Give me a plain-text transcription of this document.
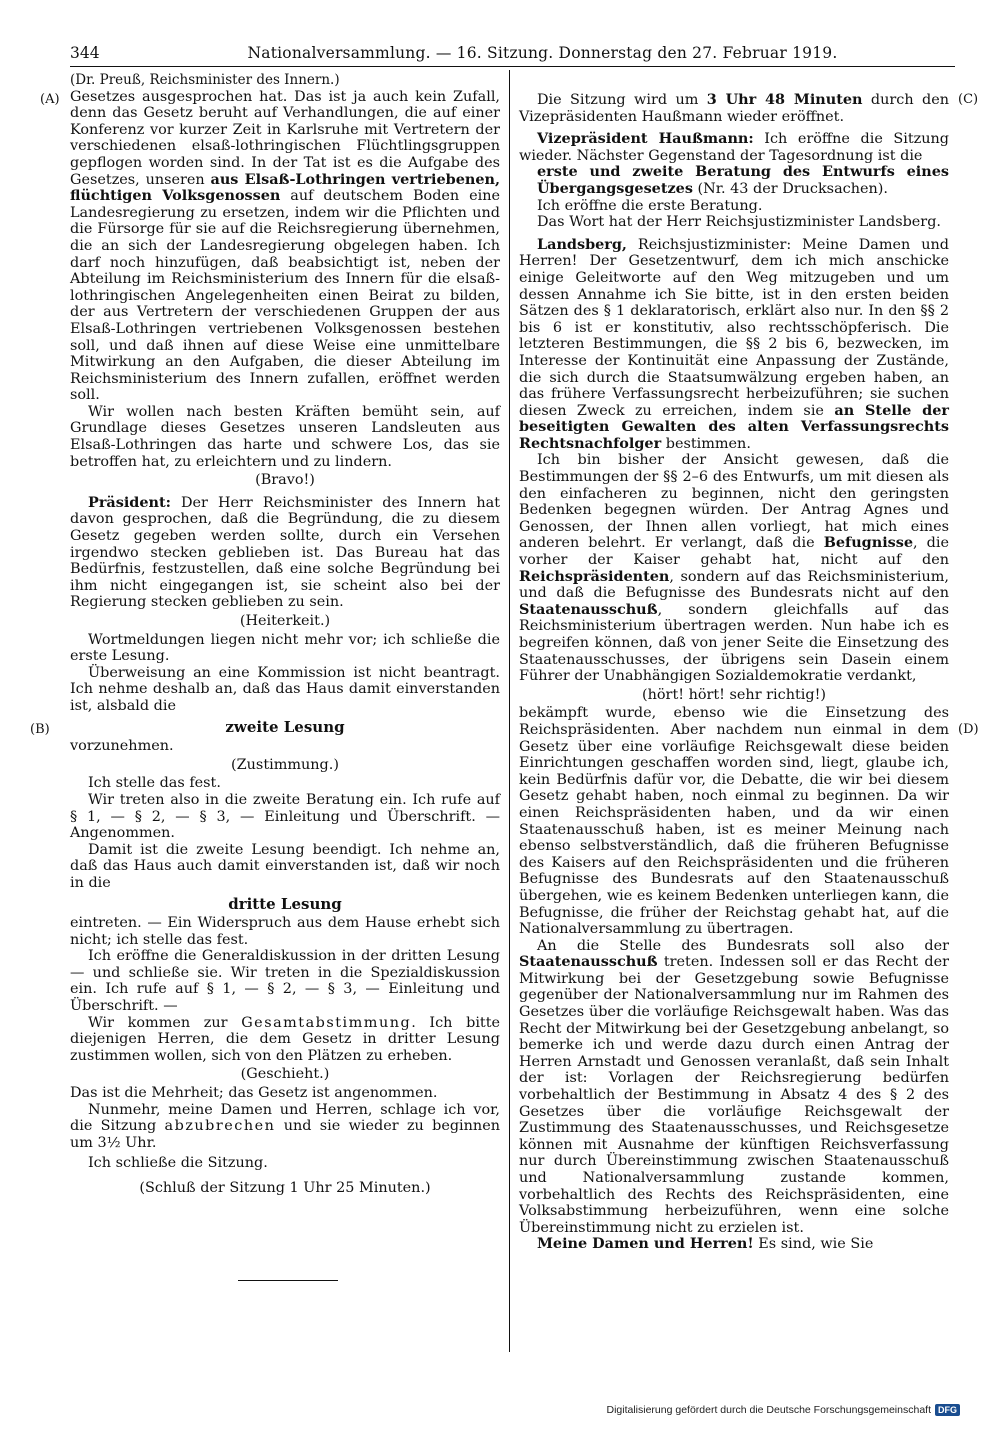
344	Nationalversammlung. — 16. Sitzung. Donnerstag den 27. Februar 1919.
(A)
(B)
(C)
(D)

(Dr. Preuß, Reichsminister des Innern.)

Gesetzes ausgesprochen hat. Das ist ja auch kein Zufall, denn das Gesetz beruht auf Verhandlungen, die auf einer Konferenz vor kurzer Zeit in Karlsruhe mit Vertretern der verschiedenen elsaß-lothringischen Flüchtlingsgruppen gepflogen worden sind. In der Tat ist es die Aufgabe des Gesetzes, unseren aus Elsaß-Lothringen vertriebenen, flüchtigen Volksgenossen auf deutschem Boden eine Landesregierung zu ersetzen, indem wir die Pflichten und die Fürsorge für sie auf die Reichsregierung übernehmen, die an sich der Landesregierung obgelegen haben. Ich darf noch hinzufügen, daß beabsichtigt ist, neben der Abteilung im Reichsministerium des Innern für die elsaß-lothringischen Angelegenheiten einen Beirat zu bilden, der aus Vertretern der verschiedenen Gruppen der aus Elsaß-Lothringen vertriebenen Volksgenossen bestehen soll, und daß ihnen auf diese Weise eine unmittelbare Mitwirkung an den Aufgaben, die dieser Abteilung im Reichsministerium des Innern zufallen, eröffnet werden soll.

Wir wollen nach besten Kräften bemüht sein, auf Grundlage dieses Gesetzes unseren Landsleuten aus Elsaß-Lothringen das harte und schwere Los, das sie betroffen hat, zu erleichtern und zu lindern.

(Bravo!)

Präsident: Der Herr Reichsminister des Innern hat davon gesprochen, daß die Begründung, die zu diesem Gesetz gegeben werden sollte, durch ein Versehen irgendwo stecken geblieben ist. Das Bureau hat das Bedürfnis, festzustellen, daß eine solche Begründung bei ihm nicht eingegangen ist, sie scheint also bei der Regierung stecken geblieben zu sein.

(Heiterkeit.)

Wortmeldungen liegen nicht mehr vor; ich schließe die erste Lesung.

Überweisung an eine Kommission ist nicht beantragt. Ich nehme deshalb an, daß das Haus damit einverstanden ist, alsbald die

zweite Lesung

vorzunehmen.

(Zustimmung.)

Ich stelle das fest.

Wir treten also in die zweite Beratung ein. Ich rufe auf § 1, — § 2, — § 3, — Einleitung und Überschrift. — Angenommen.

Damit ist die zweite Lesung beendigt. Ich nehme an, daß das Haus auch damit einverstanden ist, daß wir noch in die

dritte Lesung

eintreten. — Ein Widerspruch aus dem Hause erhebt sich nicht; ich stelle das fest.

Ich eröffne die Generaldiskussion in der dritten Lesung — und schließe sie. Wir treten in die Spezialdiskussion ein. Ich rufe auf § 1, — § 2, — § 3, — Einleitung und Überschrift. —

Wir kommen zur Gesamtabstimmung. Ich bitte diejenigen Herren, die dem Gesetz in dritter Lesung zustimmen wollen, sich von den Plätzen zu erheben.

(Geschieht.)

Das ist die Mehrheit; das Gesetz ist angenommen.

Nunmehr, meine Damen und Herren, schlage ich vor, die Sitzung abzubrechen und sie wieder zu beginnen um 3½ Uhr.

Ich schließe die Sitzung.

(Schluß der Sitzung 1 Uhr 25 Minuten.)

Die Sitzung wird um 3 Uhr 48 Minuten durch den Vizepräsidenten Haußmann wieder eröffnet.

Vizepräsident Haußmann: Ich eröffne die Sitzung wieder. Nächster Gegenstand der Tagesordnung ist die

erste und zweite Beratung des Entwurfs eines Übergangsgesetzes (Nr. 43 der Drucksachen).

Ich eröffne die erste Beratung.

Das Wort hat der Herr Reichsjustizminister Landsberg.

Landsberg, Reichsjustizminister: Meine Damen und Herren! Der Gesetzentwurf, dem ich mich anschicke einige Geleitworte auf den Weg mitzugeben und um dessen Annahme ich Sie bitte, ist in den ersten beiden Sätzen des § 1 deklaratorisch, erklärt also nur. In den §§ 2 bis 6 ist er konstitutiv, also rechtsschöpferisch. Die letzteren Bestimmungen, die §§ 2 bis 6, bezwecken, im Interesse der Kontinuität eine Anpassung der Zustände, die sich durch die Staatsumwälzung ergeben haben, an das frühere Verfassungsrecht herbeizuführen; sie suchen diesen Zweck zu erreichen, indem sie an Stelle der beseitigten Gewalten des alten Verfassungsrechts Rechtsnachfolger bestimmen.

Ich bin bisher der Ansicht gewesen, daß die Bestimmungen der §§ 2–6 des Entwurfs, um mit diesen als den einfacheren zu beginnen, nicht den geringsten Bedenken begegnen würden. Der Antrag Agnes und Genossen, der Ihnen allen vorliegt, hat mich eines anderen belehrt. Er verlangt, daß die Befugnisse, die vorher der Kaiser gehabt hat, nicht auf den Reichspräsidenten, sondern auf das Reichsministerium, und daß die Befugnisse des Bundesrats nicht auf den Staatenausschuß, sondern gleichfalls auf das Reichsministerium übertragen werden. Nun habe ich es begreifen können, daß von jener Seite die Einsetzung des Staatenausschusses, der übrigens sein Dasein einem Führer der Unabhängigen Sozialdemokratie verdankt,

(hört! hört! sehr richtig!)

bekämpft wurde, ebenso wie die Einsetzung des Reichspräsidenten. Aber nachdem nun einmal in dem Gesetz über eine vorläufige Reichsgewalt diese beiden Einrichtungen geschaffen worden sind, liegt, glaube ich, kein Bedürfnis dafür vor, die Debatte, die wir bei diesem Gesetz gehabt haben, noch einmal zu beginnen. Da wir einen Reichspräsidenten haben, und da wir einen Staatenausschuß haben, ist es meiner Meinung nach ebenso selbstverständlich, daß die früheren Befugnisse des Kaisers auf den Reichspräsidenten und die früheren Befugnisse des Bundesrats auf den Staatenausschuß übergehen, wie es keinem Bedenken unterliegen kann, die Befugnisse, die früher der Reichstag gehabt hat, auf die Nationalversammlung zu übertragen.

An die Stelle des Bundesrats soll also der Staatenausschuß treten. Indessen soll er das Recht der Mitwirkung bei der Gesetzgebung sowie Befugnisse gegenüber der Nationalversammlung nur im Rahmen des Gesetzes über die vorläufige Reichsgewalt haben. Was das Recht der Mitwirkung bei der Gesetzgebung anbelangt, so bemerke ich und werde dazu durch einen Antrag der Herren Arnstadt und Genossen veranlaßt, daß sein Inhalt der ist: Vorlagen der Reichsregierung bedürfen vorbehaltlich der Bestimmung in Absatz 4 des § 2 des Gesetzes über die vorläufige Reichsgewalt der Zustimmung des Staatenausschusses, und Reichsgesetze können mit Ausnahme der künftigen Reichsverfassung nur durch Übereinstimmung zwischen Staatenausschuß und Nationalversammlung zustande kommen, vorbehaltlich des Rechts des Reichspräsidenten, eine Volksabstimmung herbeizuführen, wenn eine solche Übereinstimmung nicht zu erzielen ist.

Meine Damen und Herren! Es sind, wie Sie

Digitalisierung gefördert durch die Deutsche Forschungsgemeinschaft DFG
